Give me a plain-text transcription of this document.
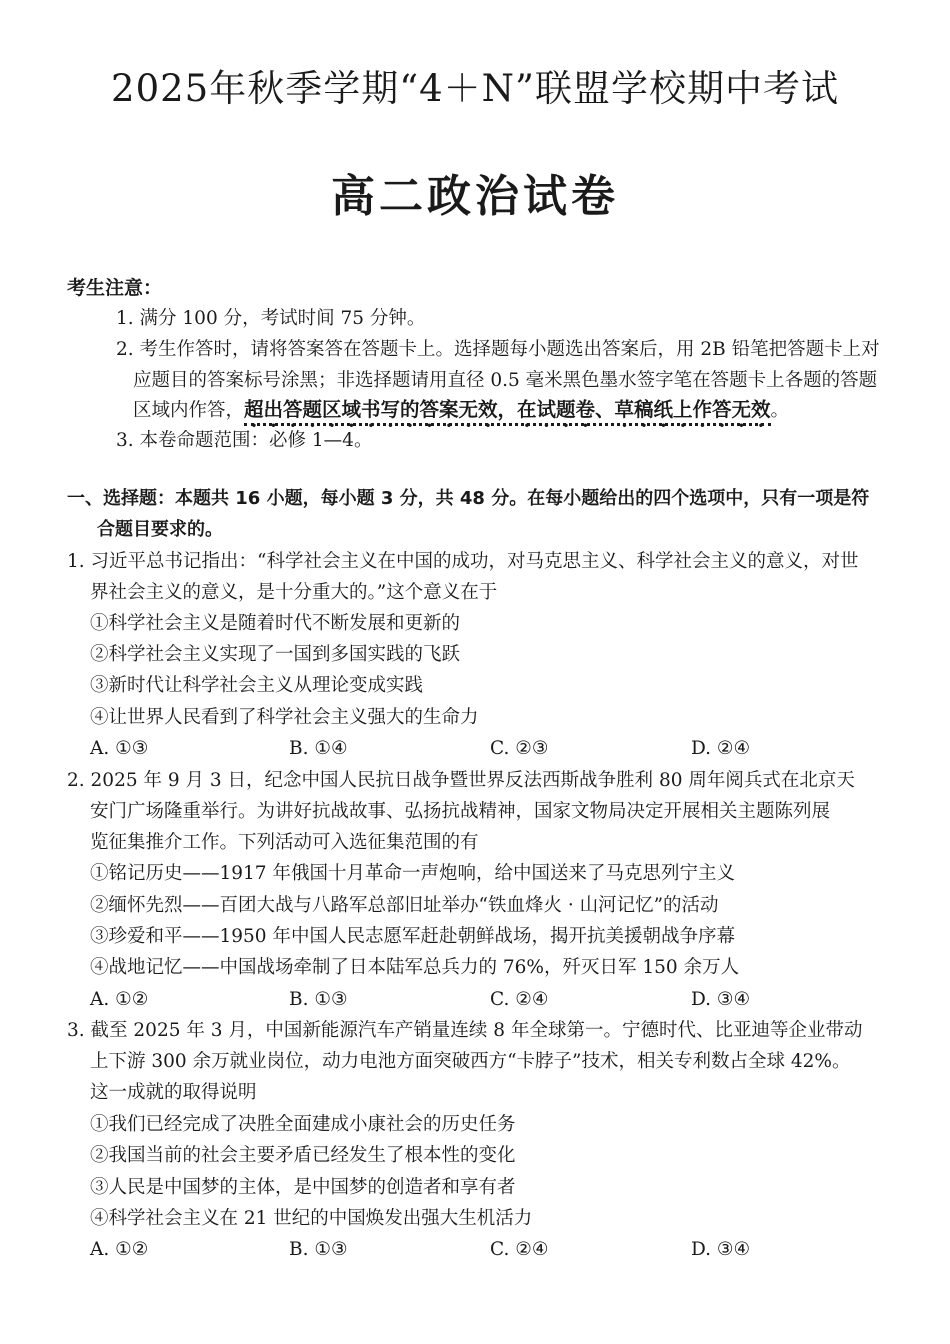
2025年秋季学期“4＋N”联盟学校期中考试
高二政治试卷
考生注意：
1. 满分 100 分，考试时间 75 分钟。
2. 考生作答时，请将答案答在答题卡上。选择题每小题选出答案后，用 2B 铅笔把答题卡上对
应题目的答案标号涂黑；非选择题请用直径 0.5 毫米黑色墨水签字笔在答题卡上各题的答题
区域内作答，超出答题区域书写的答案无效，在试题卷、草稿纸上作答无效。
3. 本卷命题范围：必修 1—4。
一、选择题：本题共 16 小题，每小题 3 分，共 48 分。在每小题给出的四个选项中，只有一项是符
合题目要求的。
1. 习近平总书记指出：“科学社会主义在中国的成功，对马克思主义、科学社会主义的意义，对世
界社会主义的意义，是十分重大的。”这个意义在于
①科学社会主义是随着时代不断发展和更新的
②科学社会主义实现了一国到多国实践的飞跃
③新时代让科学社会主义从理论变成实践
④让世界人民看到了科学社会主义强大的生命力
A. ①③	B. ①④	C. ②③	D. ②④
2. 2025 年 9 月 3 日，纪念中国人民抗日战争暨世界反法西斯战争胜利 80 周年阅兵式在北京天
安门广场隆重举行。为讲好抗战故事、弘扬抗战精神，国家文物局决定开展相关主题陈列展
览征集推介工作。下列活动可入选征集范围的有
①铭记历史——1917 年俄国十月革命一声炮响，给中国送来了马克思列宁主义
②缅怀先烈——百团大战与八路军总部旧址举办“铁血烽火 · 山河记忆”的活动
③珍爱和平——1950 年中国人民志愿军赶赴朝鲜战场，揭开抗美援朝战争序幕
④战地记忆——中国战场牵制了日本陆军总兵力的 76%，歼灭日军 150 余万人
A. ①②	B. ①③	C. ②④	D. ③④
3. 截至 2025 年 3 月，中国新能源汽车产销量连续 8 年全球第一。宁德时代、比亚迪等企业带动
上下游 300 余万就业岗位，动力电池方面突破西方“卡脖子”技术，相关专利数占全球 42%。
这一成就的取得说明
①我们已经完成了决胜全面建成小康社会的历史任务
②我国当前的社会主要矛盾已经发生了根本性的变化
③人民是中国梦的主体，是中国梦的创造者和享有者
④科学社会主义在 21 世纪的中国焕发出强大生机活力
A. ①②	B. ①③	C. ②④	D. ③④
